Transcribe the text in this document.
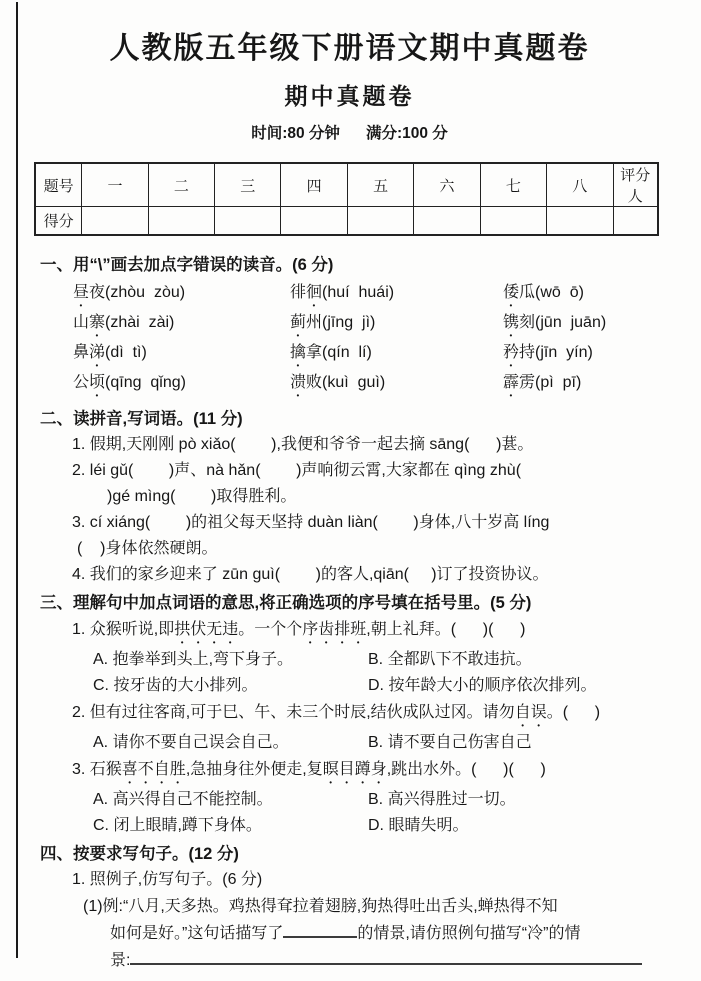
人教版五年级下册语文期中真题卷
期中真题卷
时间:80 分钟 满分:100 分
题号	一	二	三	四	五	六	七	八	评分人
得分									
一、用“\”画去加点字错误的读音。(6 分)
昼夜(zhòu  zòu)	徘徊(huí  huái)	倭瓜(wō  ō)
山寨(zhài  zài)	蓟州(jīng  jì)	镌刻(jūn  juān)
鼻涕(dì  tì)	擒拿(qín  lí)	矜持(jīn  yín)
公顷(qīng  qǐng)	溃败(kuì  guì)	霹雳(pì  pī)
二、读拼音,写词语。(11 分)
1. 假期,天刚刚 pò xiǎo(        ),我便和爷爷一起去摘 sāng(      )葚。
2. léi gǔ(        )声、nà hǎn(        )声响彻云霄,大家都在 qìng zhù(
)gé mìng(        )取得胜利。
3. cí xiáng(        )的祖父每天坚持 duàn liàn(        )身体,八十岁高 líng
(    )身体依然硬朗。
4. 我们的家乡迎来了 zūn guì(        )的客人,qiān(     )订了投资协议。
三、理解句中加点词语的意思,将正确选项的序号填在括号里。(5 分)
1. 众猴听说,即拱伏无违。一个个序齿排班,朝上礼拜。(      )(      )
A. 抱拳举到头上,弯下身子。	B. 全都趴下不敢违抗。
C. 按牙齿的大小排列。	D. 按年龄大小的顺序依次排列。
2. 但有过往客商,可于巳、午、未三个时辰,结伙成队过冈。请勿自误。(      )
A. 请你不要自己误会自己。	B. 请不要自己伤害自己
3. 石猴喜不自胜,急抽身往外便走,复瞑目蹲身,跳出水外。(      )(      )
A. 高兴得自己不能控制。	B. 高兴得胜过一切。
C. 闭上眼睛,蹲下身体。	D. 眼睛失明。
四、按要求写句子。(12 分)
1. 照例子,仿写句子。(6 分)
(1)例:“八月,天多热。鸡热得耷拉着翅膀,狗热得吐出舌头,蝉热得不知
如何是好。”这句话描写了	的情景,请仿照例句描写“冷”的情
景:
